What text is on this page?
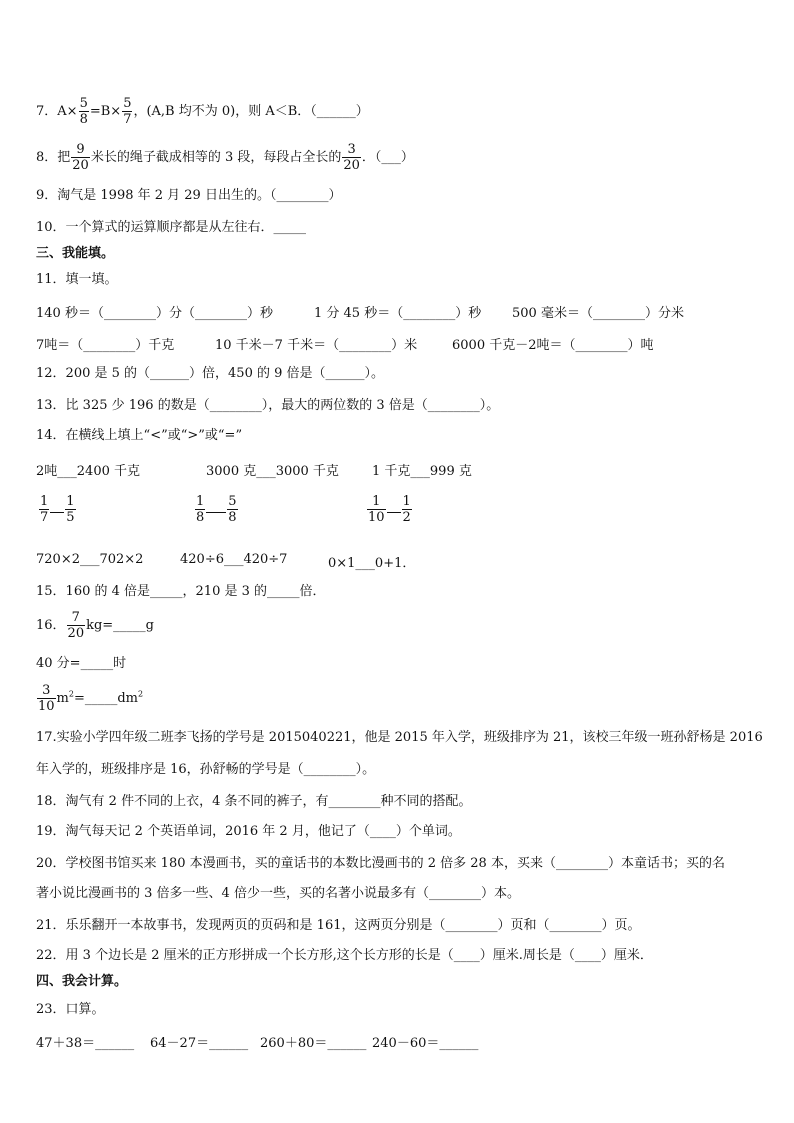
7．$A\times \frac{5}{8} =B\times \frac{5}{7}$ ，(A,B 均不为 0)，则 A＜B．（______）
8．把 $\frac{9}{20}$ 米长的绳子截成相等的 3 段，每段占全长的 $\frac{3}{20}$ ．（___）
9．淘气是 1998 年 2 月 29 日出生的。（________）
10．一个算式的运算顺序都是从左往右．_____
三、我能填。
11．填一填。
140 秒＝（________）分（________）秒	1 分 45 秒＝（________）秒 500 毫米＝（________）分米
7吨＝（________）千克	10 千米－7 千米＝（________）米	6000 千克－2吨＝（________）吨
12．200 是 5 的（______）倍，450 的 9 倍是（______）。
13．比 325 少 196 的数是（________），最大的两位数的 3 倍是（________）。
14．在横线上填上“<”或“>”或“=”
2吨___2400 千克	3000 克___3000 千克	1 千克___999 克
$\frac{1}{7} \frac{1}{5}$	$\frac{1}{8} \frac{5}{8}$	$\frac{1}{10} \frac{1}{2}$
720×2___702×2	420÷6___420÷7	0×1___0+1．
15．160 的 4 倍是_____，210 是 3 的_____倍．
16． $\frac{7}{20}$ kg=_____g
40 分=_____时
$\frac{3}{10}$ $m^2=\_\_\_\_\_dm^2$
17.实验小学四年级二班李飞扬的学号是 2015040221，他是 2015 年入学，班级排序为 21，该校三年级一班孙舒杨是 2016
年入学的，班级排序是 16，孙舒畅的学号是（________）。
18．淘气有 2 件不同的上衣，4 条不同的裤子，有________种不同的搭配。
19．淘气每天记 2 个英语单词，2016 年 2 月，他记了（____）个单词。
20．学校图书馆买来 180 本漫画书，买的童话书的本数比漫画书的 2 倍多 28 本，买来（________）本童话书；买的名
著小说比漫画书的 3 倍多一些、4 倍少一些，买的名著小说最多有（________）本。
21．乐乐翻开一本故事书，发现两页的页码和是 161，这两页分别是（________）页和（________）页。
22．用 3 个边长是 2 厘米的正方形拼成一个长方形,这个长方形的长是（____）厘米.周长是（____）厘米．
四、我会计算。
23．口算。
47＋38＝______ 64－27＝______ 260＋80＝______ 240－60＝______
